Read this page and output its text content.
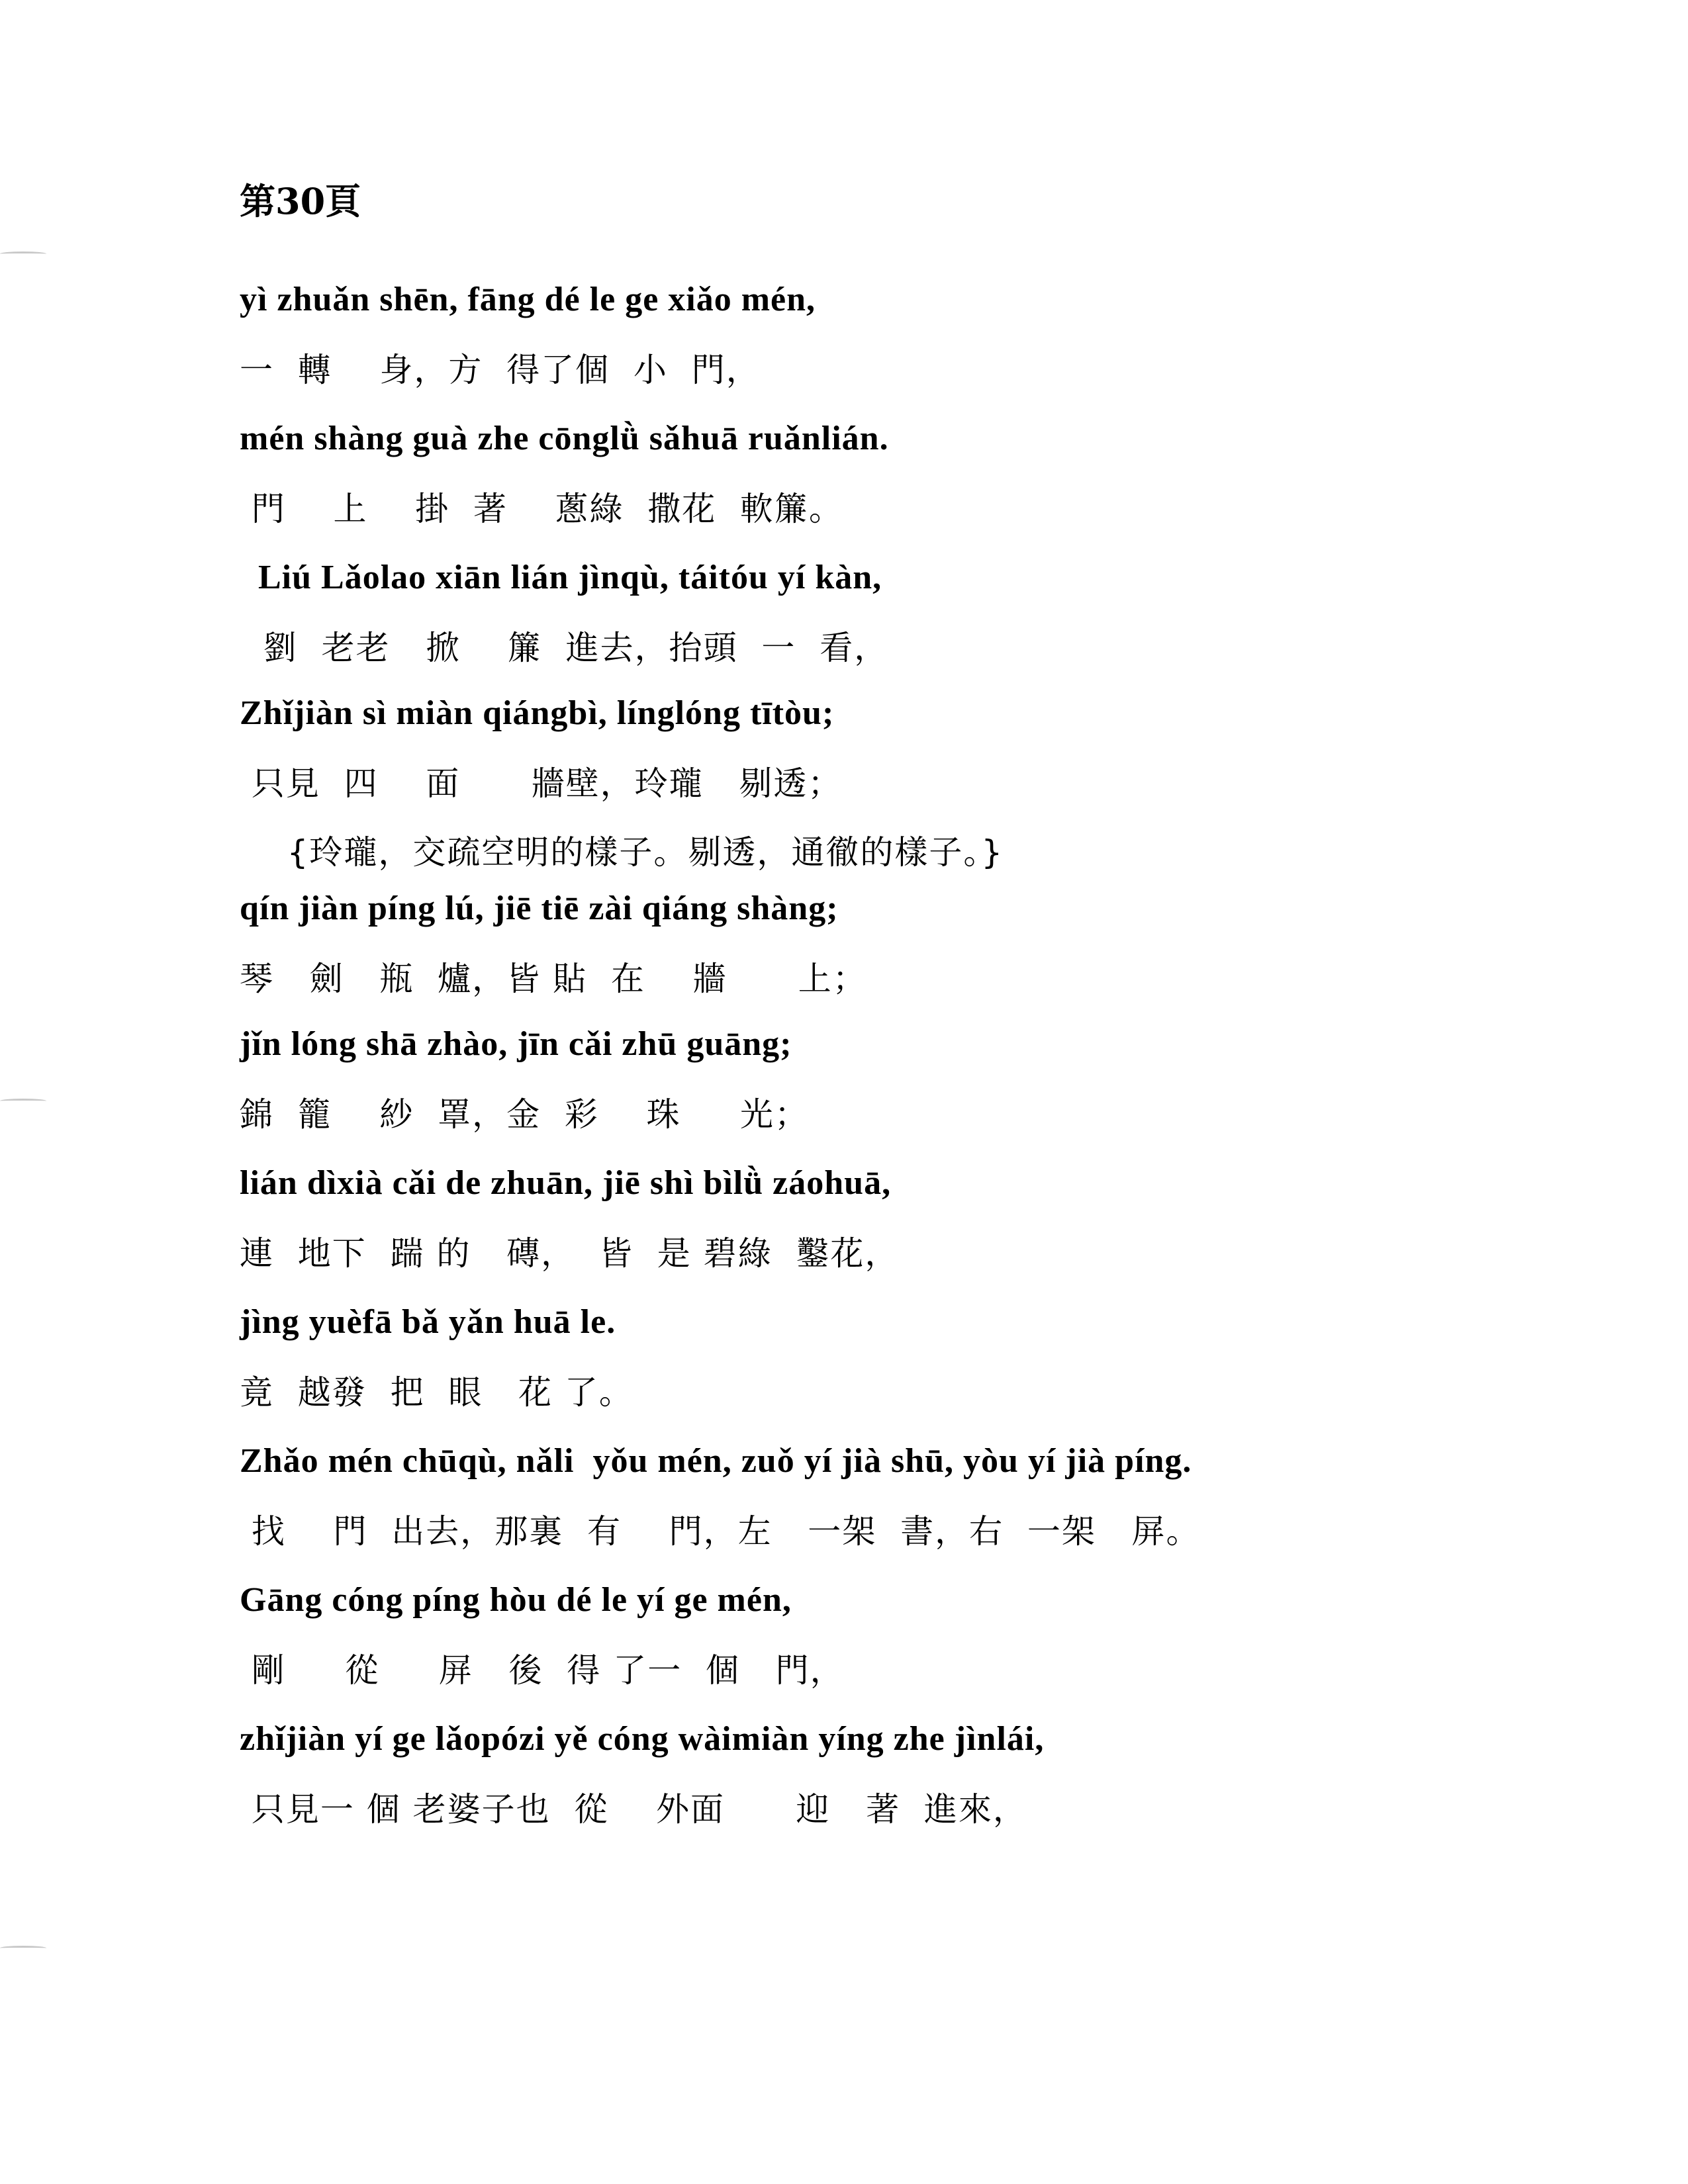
第30頁

yì zhuǎn shēn, fāng dé le ge xiǎo mén,

一  轉    身，方  得了個  小  門，

mén shàng guà zhe cōnglǜ sǎhuā ruǎnlián.

門    上    掛  著    蔥綠  撒花  軟簾。

Liú Lǎolao xiān lián jìnqù, táitóu yí kàn,

劉  老老   掀    簾  進去，抬頭  一  看，

Zhǐjiàn sì miàn qiángbì, línglóng tītòu;

只見  四    面      牆壁，玲瓏   剔透；

{玲瓏，交疏空明的樣子。剔透，通徹的樣子。}

qín jiàn píng lú, jiē tiē zài qiáng shàng;

琴   劍   瓶  爐，皆 貼  在    牆      上；

jǐn lóng shā zhào, jīn cǎi zhū guāng;

錦  籠    紗  罩，金  彩    珠     光；

lián dìxià cǎi de zhuān, jiē shì bìlǜ záohuā,

連  地下  踹 的   磚，  皆  是 碧綠  鑿花，

jìng yuèfā bǎ yǎn huā le.

竟  越發  把  眼   花 了。

Zhǎo mén chūqù, nǎli  yǒu mén, zuǒ yí jià shū, yòu yí jià píng.

找    門  出去，那裏  有    門，左   一架  書，右  一架   屏。

Gāng cóng píng hòu dé le yí ge mén,

剛     從     屏   後  得 了一  個   門，

zhǐjiàn yí ge lǎopózi yě cóng wàimiàn yíng zhe jìnlái,

只見一 個 老婆子也  從    外面      迎   著  進來，
